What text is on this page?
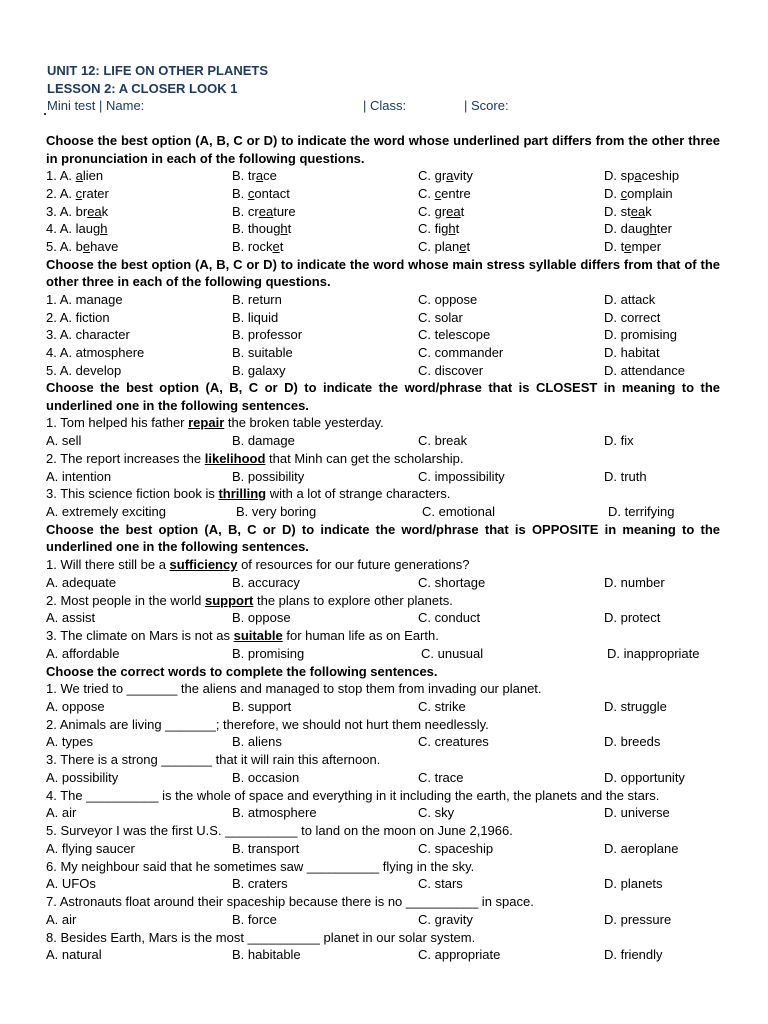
UNIT 12: LIFE ON OTHER PLANETS
LESSON 2: A CLOSER LOOK 1
Mini test | Name:	| Class:	| Score:
Choose the best option (A, B, C or D) to indicate the word whose underlined part differs from the other three in pronunciation in each of the following questions.
1. A. alien	B. trace	C. gravity	D. spaceship
2. A. crater	B. contact	C. centre	D. complain
3. A. break	B. creature	C. great	D. steak
4. A. laugh	B. thought	C. fight	D. daughter
5. A. behave	B. rocket	C. planet	D. temper
Choose the best option (A, B, C or D) to indicate the word whose main stress syllable differs from that of the other three in each of the following questions.
1. A. manage	B. return	C. oppose	D. attack
2. A. fiction	B. liquid	C. solar	D. correct
3. A. character	B. professor	C. telescope	D. promising
4. A. atmosphere	B. suitable	C. commander	D. habitat
5. A. develop	B. galaxy	C. discover	D. attendance
Choose the best option (A, B, C or D) to indicate the word/phrase that is CLOSEST in meaning to the underlined one in the following sentences.
1. Tom helped his father repair the broken table yesterday.
A. sell	B. damage	C. break	D. fix
2. The report increases the likelihood that Minh can get the scholarship.
A. intention	B. possibility	C. impossibility	D. truth
3. This science fiction book is thrilling with a lot of strange characters.
A. extremely exciting	B. very boring	C. emotional	D. terrifying
Choose the best option (A, B, C or D) to indicate the word/phrase that is OPPOSITE in meaning to the underlined one in the following sentences.
1. Will there still be a sufficiency of resources for our future generations?
A. adequate	B. accuracy	C. shortage	D. number
2. Most people in the world support the plans to explore other planets.
A. assist	B. oppose	C. conduct	D. protect
3. The climate on Mars is not as suitable for human life as on Earth.
A. affordable	B. promising	C. unusual	D. inappropriate
Choose the correct words to complete the following sentences.
1. We tried to _______ the aliens and managed to stop them from invading our planet.
A. oppose	B. support	C. strike	D. struggle
2. Animals are living _______; therefore, we should not hurt them needlessly.
A. types	B. aliens	C. creatures	D. breeds
3. There is a strong _______ that it will rain this afternoon.
A. possibility	B. occasion	C. trace	D. opportunity
4. The __________ is the whole of space and everything in it including the earth, the planets and the stars.
A. air	B. atmosphere	C. sky	D. universe
5. Surveyor I was the first U.S. __________ to land on the moon on June 2,1966.
A. flying saucer	B. transport	C. spaceship	D. aeroplane
6. My neighbour said that he sometimes saw __________ flying in the sky.
A. UFOs	B. craters	C. stars	D. planets
7. Astronauts float around their spaceship because there is no __________ in space.
A. air	B. force	C. gravity	D. pressure
8. Besides Earth, Mars is the most __________ planet in our solar system.
A. natural	B. habitable	C. appropriate	D. friendly
